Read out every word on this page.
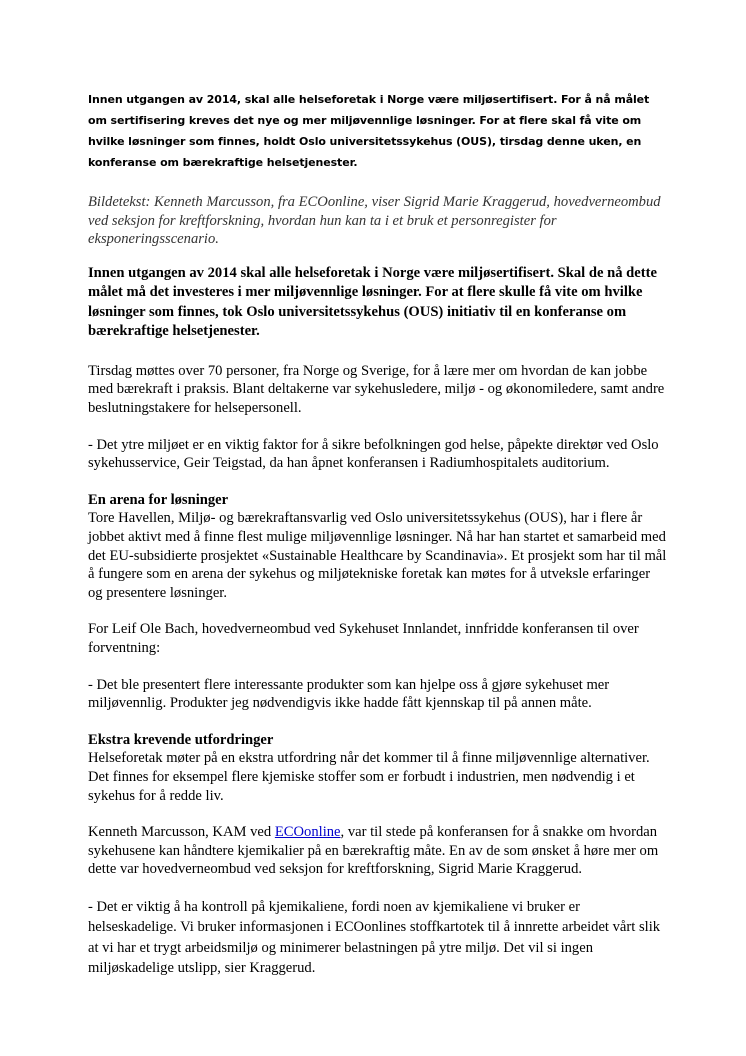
Innen utgangen av 2014, skal alle helseforetak i Norge være miljøsertifisert. For å nå målet om sertifisering kreves det nye og mer miljøvennlige løsninger. For at flere skal få vite om hvilke løsninger som finnes, holdt Oslo universitetssykehus (OUS), tirsdag denne uken, en konferanse om bærekraftige helsetjenester.

Bildetekst: Kenneth Marcusson, fra ECOonline, viser Sigrid Marie Kraggerud, hovedverneombud ved seksjon for kreftforskning, hvordan hun kan ta i et bruk et personregister for eksponeringsscenario.

Innen utgangen av 2014 skal alle helseforetak i Norge være miljøsertifisert. Skal de nå dette målet må det investeres i mer miljøvennlige løsninger. For at flere skulle få vite om hvilke løsninger som finnes, tok Oslo universitetssykehus (OUS) initiativ til en konferanse om bærekraftige helsetjenester.

Tirsdag møttes over 70 personer, fra Norge og Sverige, for å lære mer om hvordan de kan jobbe med bærekraft i praksis. Blant deltakerne var sykehusledere, miljø - og økonomiledere, samt andre beslutningstakere for helsepersonell.

- Det ytre miljøet er en viktig faktor for å sikre befolkningen god helse, påpekte direktør ved Oslo sykehusservice, Geir Teigstad, da han åpnet konferansen i Radiumhospitalets auditorium.

En arena for løsninger

Tore Havellen, Miljø- og bærekraftansvarlig ved Oslo universitetssykehus (OUS), har i flere år jobbet aktivt med å finne flest mulige miljøvennlige løsninger. Nå har han startet et samarbeid med det EU-subsidierte prosjektet «Sustainable Healthcare by Scandinavia». Et prosjekt som har til mål å fungere som en arena der sykehus og miljøtekniske foretak kan møtes for å utveksle erfaringer og presentere løsninger.

For Leif Ole Bach, hovedverneombud ved Sykehuset Innlandet, innfridde konferansen til over forventning:

- Det ble presentert flere interessante produkter som kan hjelpe oss å gjøre sykehuset mer miljøvennlig. Produkter jeg nødvendigvis ikke hadde fått kjennskap til på annen måte.

Ekstra krevende utfordringer

Helseforetak møter på en ekstra utfordring når det kommer til å finne miljøvennlige alternativer. Det finnes for eksempel flere kjemiske stoffer som er forbudt i industrien, men nødvendig i et sykehus for å redde liv.

Kenneth Marcusson, KAM ved ECOonline, var til stede på konferansen for å snakke om hvordan sykehusene kan håndtere kjemikalier på en bærekraftig måte. En av de som ønsket å høre mer om dette var hovedverneombud ved seksjon for kreftforskning, Sigrid Marie Kraggerud.

- Det er viktig å ha kontroll på kjemikaliene, fordi noen av kjemikaliene vi bruker er helseskadelige. Vi bruker informasjonen i ECOonlines stoffkartotek til å innrette arbeidet vårt slik at vi har et trygt arbeidsmiljø og minimerer belastningen på ytre miljø. Det vil si ingen miljøskadelige utslipp, sier Kraggerud.
